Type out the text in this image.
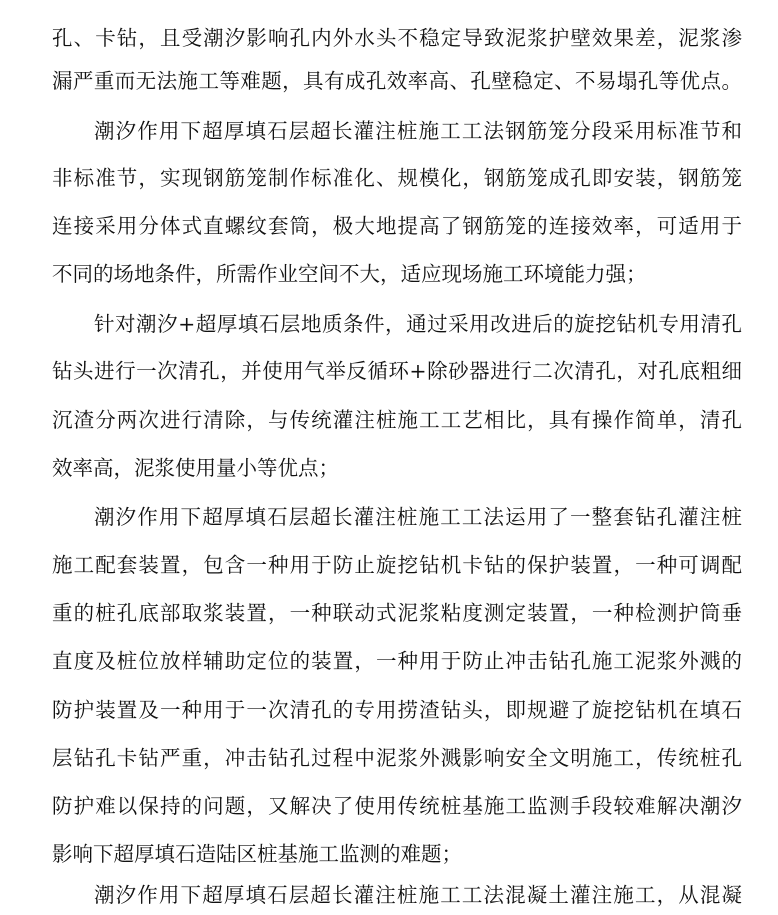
孔、卡钻，且受潮汐影响孔内外水头不稳定导致泥浆护壁效果差，泥浆渗
漏严重而无法施工等难题，具有成孔效率高、孔壁稳定、不易塌孔等优点。
潮汐作用下超厚填石层超长灌注桩施工工法钢筋笼分段采用标准节和
非标准节，实现钢筋笼制作标准化、规模化，钢筋笼成孔即安装，钢筋笼
连接采用分体式直螺纹套筒，极大地提高了钢筋笼的连接效率，可适用于
不同的场地条件，所需作业空间不大，适应现场施工环境能力强；
针对潮汐+超厚填石层地质条件，通过采用改进后的旋挖钻机专用清孔
钻头进行一次清孔，并使用气举反循环+除砂器进行二次清孔，对孔底粗细
沉渣分两次进行清除，与传统灌注桩施工工艺相比，具有操作简单，清孔
效率高，泥浆使用量小等优点；
潮汐作用下超厚填石层超长灌注桩施工工法运用了一整套钻孔灌注桩
施工配套装置，包含一种用于防止旋挖钻机卡钻的保护装置，一种可调配
重的桩孔底部取浆装置，一种联动式泥浆粘度测定装置，一种检测护筒垂
直度及桩位放样辅助定位的装置，一种用于防止冲击钻孔施工泥浆外溅的
防护装置及一种用于一次清孔的专用捞渣钻头，即规避了旋挖钻机在填石
层钻孔卡钻严重，冲击钻孔过程中泥浆外溅影响安全文明施工，传统桩孔
防护难以保持的问题，又解决了使用传统桩基施工监测手段较难解决潮汐
影响下超厚填石造陆区桩基施工监测的难题；
潮汐作用下超厚填石层超长灌注桩施工工法混凝土灌注施工，从混凝
